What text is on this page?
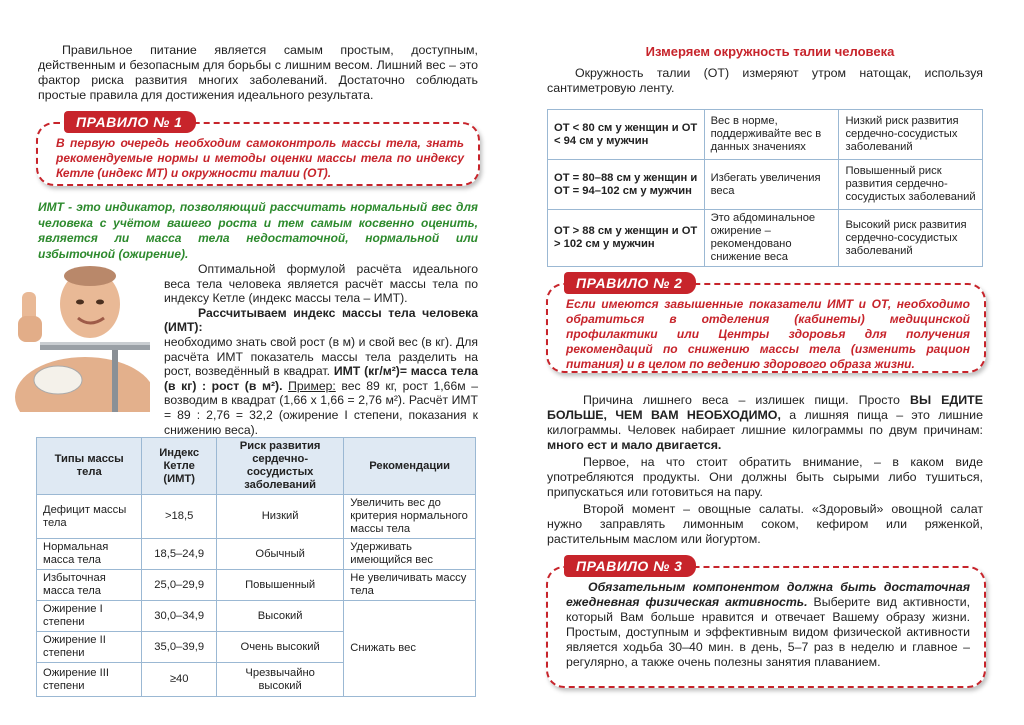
Правильное питание является самым простым, доступным, действенным и безопасным для борьбы с лишним весом. Лишний вес – это фактор риска развития многих заболеваний. Достаточно соблюдать простые правила для достижения идеального результата.

ПРАВИЛО № 1
В первую очередь необходим самоконтроль массы тела, знать рекомендуемые нормы и методы оценки массы тела по индексу Кетле (индекс МТ) и окружности талии (ОТ).
ИМТ - это индикатор, позволяющий рассчитать нормальный вес для человека с учётом вашего роста и тем самым косвенно оценить, является ли масса тела недостаточной, нормальной или избыточной (ожирение).

Оптимальной формулой расчёта идеального веса тела человека является расчёт массы тела по индексу Кетле (индекс массы тела – ИМТ).

Рассчитываем индекс массы тела человека (ИМТ):

необходимо знать свой рост (в м) и свой вес (в кг). Для расчёта ИМТ показатель массы тела разделить на рост, возведённый в квадрат. ИМТ (кг/м²)= масса тела (в кг) : рост (в м²). Пример: вес 89 кг, рост 1,66м – возводим в квадрат (1,66 х 1,66 = 2,76 м²). Расчёт ИМТ = 89 : 2,76 = 32,2 (ожирение I степени, показания к снижению веса).

Типы массы тела	Индекс Кетле (ИМТ)	Риск развития сердечно-сосудистых заболеваний	Рекомендации
Дефицит массы тела	>18,5	Низкий	Увеличить вес до критерия нормального массы тела
Нормальная масса тела	18,5–24,9	Обычный	Удерживать имеющийся вес
Избыточная масса тела	25,0–29,9	Повышенный	Не увеличивать массу тела
Ожирение I степени	30,0–34,9	Высокий	Снижать вес
Ожирение II степени	35,0–39,9	Очень высокий	
Ожирение III степени	≥40	Чрезвычайно высокий	
Измеряем окружность талии человека

Окружность талии (ОТ) измеряют утром натощак, используя сантиметровую ленту.

ОТ < 80 см у женщин и ОТ < 94 см у мужчин	Вес в норме, поддерживайте вес в данных значениях	Низкий риск развития сердечно-сосудистых заболеваний
ОТ = 80–88 см у женщин и ОТ = 94–102 см у мужчин	Избегать увеличения веса	Повышенный риск развития сердечно-сосудистых заболеваний
ОТ > 88 см у женщин и ОТ > 102 см у мужчин	Это абдоминальное ожирение – рекомендовано снижение веса	Высокий риск развития сердечно-сосудистых заболеваний
ПРАВИЛО № 2
Если имеются завышенные показатели ИМТ и ОТ, необходимо обратиться в отделения (кабинеты) медицинской профилактики или Центры здоровья для получения рекомендаций по снижению массы тела (изменить рацион питания) и в целом по ведению здорового образа жизни.

Причина лишнего веса – излишек пищи. Просто ВЫ ЕДИТЕ БОЛЬШЕ, ЧЕМ ВАМ НЕОБХОДИМО, а лишняя пища – это лишние килограммы. Человек набирает лишние килограммы по двум причинам: много ест и мало двигается.

Первое, на что стоит обратить внимание, – в каком виде употребляются продукты. Они должны быть сырыми либо тушиться, припускаться или готовиться на пару.

Второй момент – овощные салаты. «Здоровый» овощной салат нужно заправлять лимонным соком, кефиром или ряженкой, растительным маслом или йогуртом.

ПРАВИЛО № 3
Обязательным компонентом должна быть достаточная ежедневная физическая активность. Выберите вид активности, который Вам больше нравится и отвечает Вашему образу жизни. Простым, доступным и эффективным видом физической активности является ходьба 30–40 мин. в день, 5–7 раз в неделю и главное – регулярно, а также очень полезны занятия плаванием.
